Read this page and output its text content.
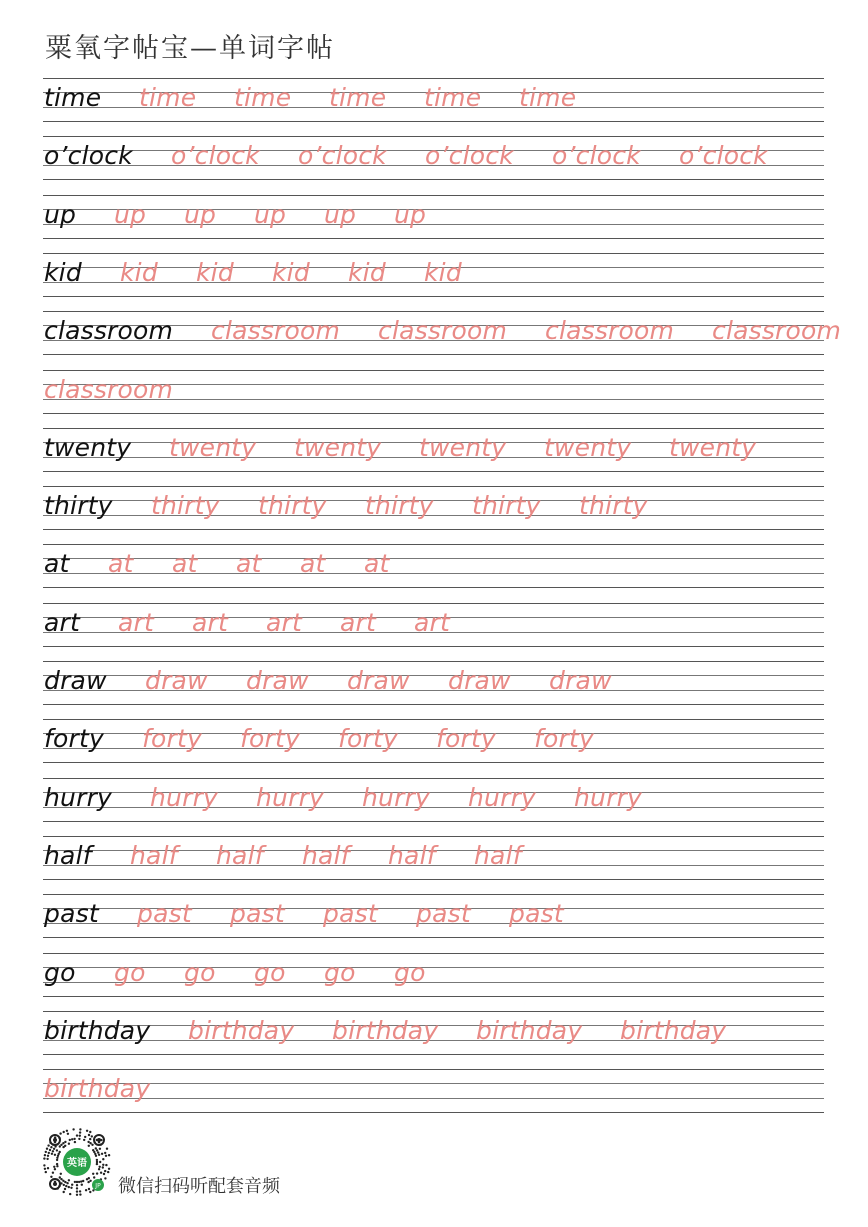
粟氧字帖宝—单词字帖
time time time time time time
o’clock o’clock o’clock o’clock o’clock o’clock
up up up up up up
kid kid kid kid kid kid
classroom classroom classroom classroom classroom
classroom
twenty twenty twenty twenty twenty twenty
thirty thirty thirty thirty thirty thirty
at at at at at at
art art art art art art
draw draw draw draw draw draw
forty forty forty forty forty forty
hurry hurry hurry hurry hurry hurry
half half half half half half
past past past past past past
go go go go go go
birthday birthday birthday birthday birthday
birthday
英语
JP 微信扫码听配套音频
